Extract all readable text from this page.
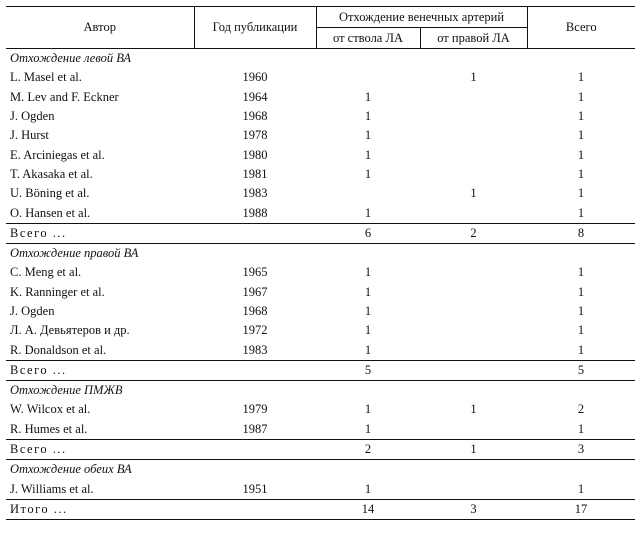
Автор	Год публикации	Отхождение венечных артерий		Всего
		от ствола ЛА	от правой ЛА	
Отхождение левой ВА				
L. Masel et al.	1960		1	1
M. Lev and F. Eckner	1964	1		1
J. Ogden	1968	1		1
J. Hurst	1978	1		1
E. Arciniegas et al.	1980	1		1
T. Akasaka et al.	1981	1		1
U. Böning et al.	1983		1	1
O. Hansen et al.	1988	1		1
Всего ...		6	2	8
Отхождение правой ВА				
C. Meng et al.	1965	1		1
K. Ranninger et al.	1967	1		1
J. Ogden	1968	1		1
Л. А. Девьятеров и др.	1972	1		1
R. Donaldson et al.	1983	1		1
Всего ...		5		5
Отхождение ПМЖВ				
W. Wilcox et al.	1979	1	1	2
R. Humes et al.	1987	1		1
Всего ...		2	1	3
Отхождение обеих ВА				
J. Williams et al.	1951	1		1
Итого ...		14	3	17
